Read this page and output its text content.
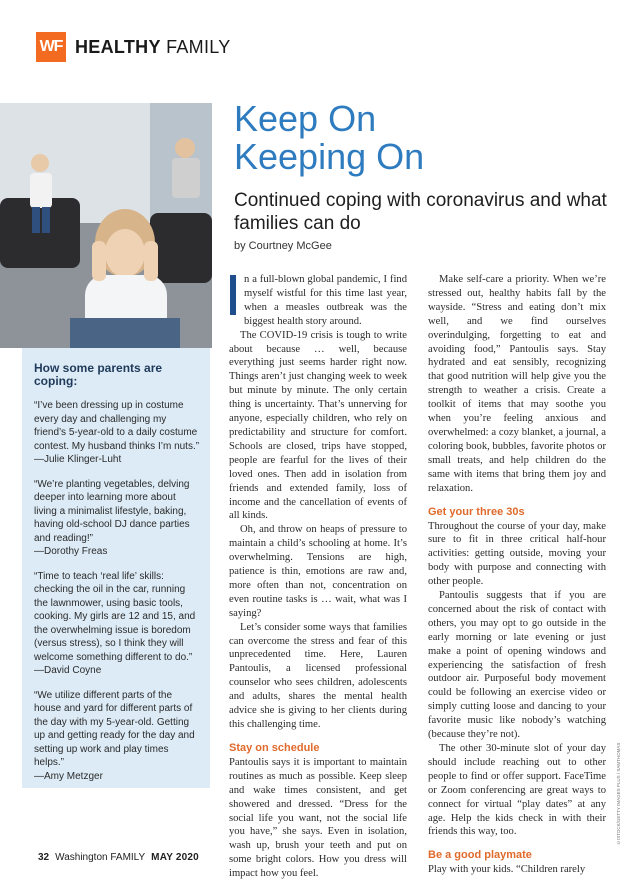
WF HEALTHY FAMILY
How some parents are coping:
“I’ve been dressing up in costume every day and challenging my friend’s 5-year-old to a daily costume contest. My husband thinks I’m nuts.”
—Julie Klinger-Luht
“We’re planting vegetables, delving deeper into learning more about living a minimalist lifestyle, baking, having old-school DJ dance parties and reading!”
—Dorothy Freas
“Time to teach ‘real life’ skills: checking the oil in the car, running the lawnmower, using basic tools, cooking. My girls are 12 and 15, and the overwhelming issue is boredom (versus stress), so I think they will welcome something different to do.”
—David Coyne
“We utilize different parts of the house and yard for different parts of the day with my 5-year-old. Getting up and getting ready for the day and setting up work and play times helps.”
—Amy Metzger
Keep On
Keeping On
Continued coping with coronavirus and what families can do
by Courtney McGee

n a full-blown global pandemic, I find myself wistful for this time last year, when a measles outbreak was the biggest health story around.

The COVID-19 crisis is tough to write about because … well, because everything just seems harder right now. Things aren’t just changing week to week but minute by minute. The only certain thing is uncertainty. That’s unnerving for anyone, especially children, who rely on predictability and structure for comfort. Schools are closed, trips have stopped, people are fearful for the lives of their loved ones. Then add in isolation from friends and extended family, loss of income and the cancellation of events of all kinds.

Oh, and throw on heaps of pressure to maintain a child’s schooling at home. It’s overwhelming. Tensions are high, patience is thin, emotions are raw and, more often than not, concentration on even routine tasks is … wait, what was I saying?

Let’s consider some ways that families can overcome the stress and fear of this unprecedented time. Here, Lauren Pantoulis, a licensed professional counselor who sees children, adolescents and adults, shares the mental health advice she is giving to her clients during this challenging time.

Stay on schedule

Pantoulis says it is important to maintain routines as much as possible. Keep sleep and wake times consistent, and get showered and dressed. “Dress for the social life you want, not the social life you have,” she says. Even in isolation, wash up, brush your teeth and put on some bright colors. How you dress will impact how you feel.

Make self-care a priority. When we’re stressed out, healthy habits fall by the wayside. “Stress and eating don’t mix well, and we find ourselves overindulging, forgetting to eat and avoiding food,” Pantoulis says. Stay hydrated and eat sensibly, recognizing that good nutrition will help give you the strength to weather a crisis. Create a toolkit of items that may soothe you when you’re feeling anxious and overwhelmed: a cozy blanket, a journal, a coloring book, bubbles, favorite photos or small treats, and help children do the same with items that bring them joy and relaxation.

Get your three 30s

Throughout the course of your day, make sure to fit in three critical half-hour activities: getting outside, moving your body with purpose and connecting with other people.

Pantoulis suggests that if you are concerned about the risk of contact with others, you may opt to go outside in the early morning or late evening or just make a point of opening windows and experiencing the satisfaction of fresh outdoor air. Purposeful body movement could be following an exercise video or simply cutting loose and dancing to your favorite music like nobody’s watching (because they’re not).

The other 30-minute slot of your day should include reaching out to other people to find or offer support. FaceTime or Zoom conferencing are great ways to connect for virtual “play dates” at any age. Help the kids check in with their friends this way, too.

Be a good playmate

Play with your kids. “Children rarely

©ISTOCK/GETTY IMAGES PLUS / SAMTHOMAS
32 Washington FAMILY MAY 2020
